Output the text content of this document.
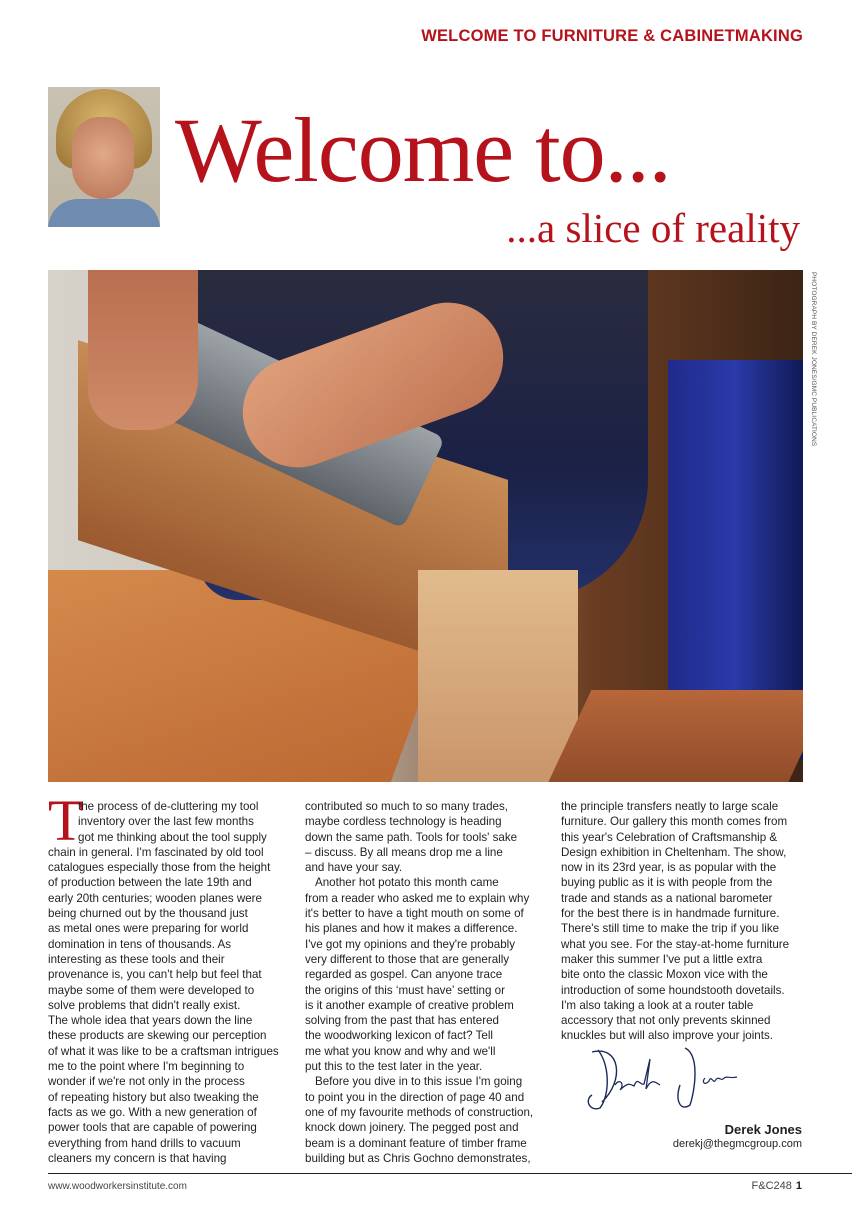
WELCOME TO FURNITURE & CABINETMAKING
Welcome to...
...a slice of reality
PHOTOGRAPH BY DEREK JONES/GMC PUBLICATIONS
T
the process of de-cluttering my tool
inventory over the last few months
got me thinking about the tool supply
chain in general. I'm fascinated by old tool
catalogues especially those from the height
of production between the late 19th and
early 20th centuries; wooden planes were
being churned out by the thousand just
as metal ones were preparing for world
domination in tens of thousands. As
interesting as these tools and their
provenance is, you can't help but feel that
maybe some of them were developed to
solve problems that didn't really exist.
The whole idea that years down the line
these products are skewing our perception
of what it was like to be a craftsman intrigues
me to the point where I'm beginning to
wonder if we're not only in the process
of repeating history but also tweaking the
facts as we go. With a new generation of
power tools that are capable of powering
everything from hand drills to vacuum
cleaners my concern is that having
contributed so much to so many trades,
maybe cordless technology is heading
down the same path. Tools for tools' sake
– discuss. By all means drop me a line
and have your say.
Another hot potato this month came
from a reader who asked me to explain why
it's better to have a tight mouth on some of
his planes and how it makes a difference.
I've got my opinions and they're probably
very different to those that are generally
regarded as gospel. Can anyone trace
the origins of this ‘must have’ setting or
is it another example of creative problem
solving from the past that has entered
the woodworking lexicon of fact? Tell
me what you know and why and we'll
put this to the test later in the year.
Before you dive in to this issue I'm going
to point you in the direction of page 40 and
one of my favourite methods of construction,
knock down joinery. The pegged post and
beam is a dominant feature of timber frame
building but as Chris Gochno demonstrates,
the principle transfers neatly to large scale
furniture. Our gallery this month comes from
this year's Celebration of Craftsmanship &
Design exhibition in Cheltenham. The show,
now in its 23rd year, is as popular with the
buying public as it is with people from the
trade and stands as a national barometer
for the best there is in handmade furniture.
There's still time to make the trip if you like
what you see. For the stay-at-home furniture
maker this summer I've put a little extra
bite onto the classic Moxon vice with the
introduction of some houndstooth dovetails.
I'm also taking a look at a router table
accessory that not only prevents skinned
knuckles but will also improve your joints.
Derek Jones
derekj@thegmcgroup.com
www.woodworkersinstitute.com	F&C248 1
